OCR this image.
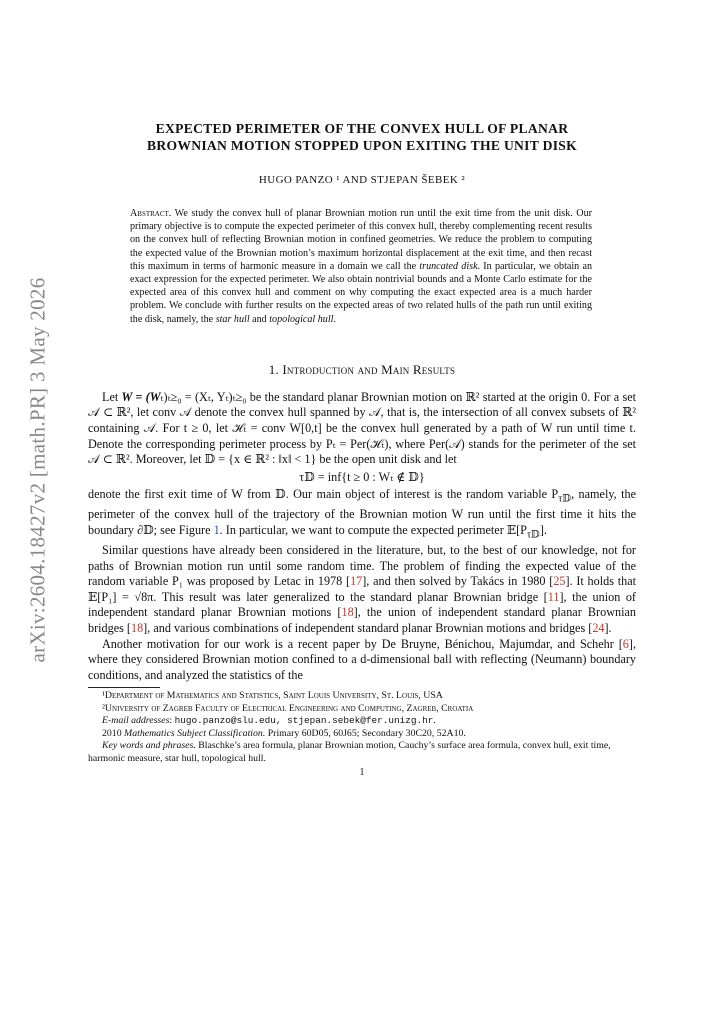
arXiv:2604.18427v2 [math.PR] 3 May 2026
EXPECTED PERIMETER OF THE CONVEX HULL OF PLANAR
BROWNIAN MOTION STOPPED UPON EXITING THE UNIT DISK
HUGO PANZO ¹ AND STJEPAN ŠEBEK ²
Abstract. We study the convex hull of planar Brownian motion run until the exit time from the unit disk. Our primary objective is to compute the expected perimeter of this convex hull, thereby complementing recent results on the convex hull of reflecting Brownian motion in confined geometries. We reduce the problem to computing the expected value of the Brownian motion’s maximum horizontal displacement at the exit time, and then recast this maximum in terms of harmonic measure in a domain we call the truncated disk. In particular, we obtain an exact expression for the expected perimeter. We also obtain nontrivial bounds and a Monte Carlo estimate for the expected area of this convex hull and comment on why computing the exact expected area is a much harder problem. We conclude with further results on the expected areas of two related hulls of the path run until exiting the disk, namely, the star hull and topological hull.
1. Introduction and Main Results

Let W = (Wₜ)ₜ≥₀ = (Xₜ, Yₜ)ₜ≥₀ be the standard planar Brownian motion on ℝ² started at the origin 0. For a set 𝒜 ⊂ ℝ², let conv 𝒜 denote the convex hull spanned by 𝒜, that is, the intersection of all convex subsets of ℝ² containing 𝒜. For t ≥ 0, let ℋₜ = conv W[0,t] be the convex hull generated by a path of W run until time t. Denote the corresponding perimeter process by Pₜ = Per(ℋₜ), where Per(𝒜) stands for the perimeter of the set 𝒜 ⊂ ℝ². Moreover, let 𝔻 = {x ∈ ℝ² : ‖x‖ < 1} be the open unit disk and let

τ𝔻 = inf{t ≥ 0 : Wₜ ∉ 𝔻}

denote the first exit time of W from 𝔻. Our main object of interest is the random variable $P_{\tau 𝔻}$, namely, the perimeter of the convex hull of the trajectory of the Brownian motion W run until the first time it hits the boundary ∂𝔻; see Figure 1. In particular, we want to compute the expected perimeter $𝔼[P_{\tau 𝔻}]$.

Similar questions have already been considered in the literature, but, to the best of our knowledge, not for paths of Brownian motion run until some random time. The problem of finding the expected value of the random variable P₁ was proposed by Letac in 1978 [17], and then solved by Takács in 1980 [25]. It holds that 𝔼[P₁] = √8π. This result was later generalized to the standard planar Brownian bridge [11], the union of independent standard planar Brownian motions [18], the union of independent standard planar Brownian bridges [18], and various combinations of independent standard planar Brownian motions and bridges [24].

Another motivation for our work is a recent paper by De Bruyne, Bénichou, Majumdar, and Schehr [6], where they considered Brownian motion confined to a d-dimensional ball with reflecting (Neumann) boundary conditions, and analyzed the statistics of the

¹Department of Mathematics and Statistics, Saint Louis University, St. Louis, USA
²University of Zagreb Faculty of Electrical Engineering and Computing, Zagreb, Croatia
E-mail addresses: hugo.panzo@slu.edu, stjepan.sebek@fer.unizg.hr.
2010 Mathematics Subject Classification. Primary 60D05, 60J65; Secondary 30C20, 52A10.
Key words and phrases. Blaschke’s area formula, planar Brownian motion, Cauchy’s surface area formula, convex hull, exit time, harmonic measure, star hull, topological hull.
1
